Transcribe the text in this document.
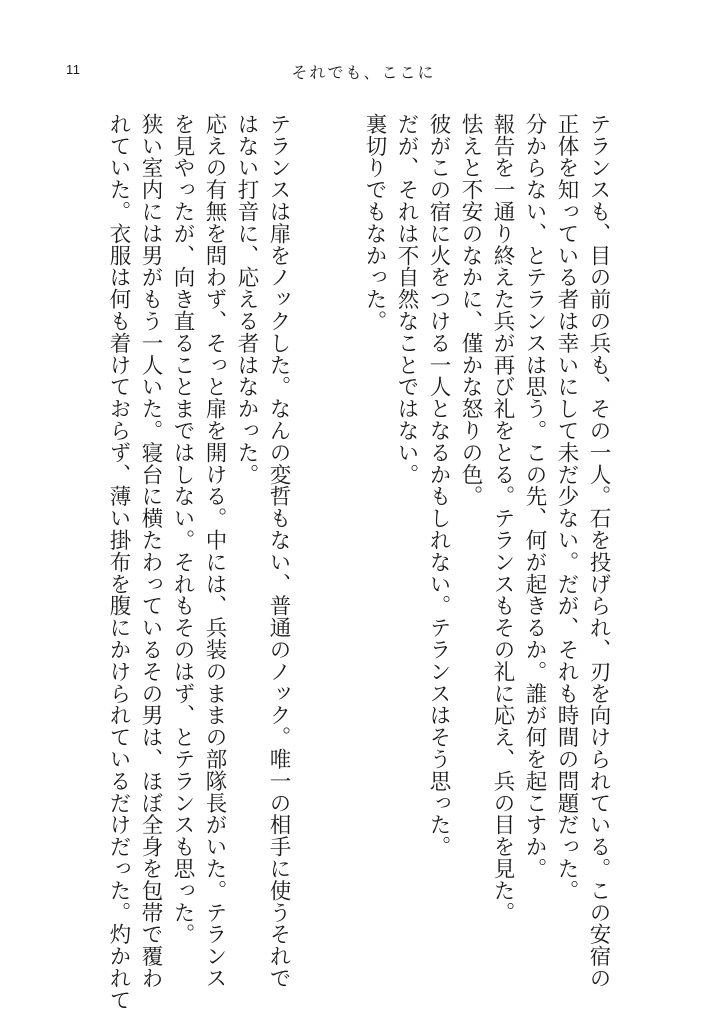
11	それでも、ここに
テランスも、目の前の兵も、その一人。石を投げられ、刃を向けられている。この安宿の
正体を知っている者は幸いにして未だ少ない。だが、それも時間の問題だった。
分からない、とテランスは思う。この先、何が起きるか。誰が何を起こすか。
報告を一通り終えた兵が再び礼をとる。テランスもその礼に応え、兵の目を見た。
怯えと不安のなかに、僅かな怒りの色。
彼がこの宿に火をつける一人となるかもしれない。テランスはそう思った。
だが、それは不自然なことではない。
裏切りでもなかった。

テランスは扉をノックした。なんの変哲もない、普通のノック。唯一の相手に使うそれで
はない打音に、応える者はなかった。
応えの有無を問わず、そっと扉を開ける。中には、兵装のままの部隊長がいた。テランス
を見やったが、向き直ることまではしない。それもそのはず、とテランスも思った。
狭い室内には男がもう一人いた。寝台に横たわっているその男は、ほぼ全身を包帯で覆わ
れていた。衣服は何も着けておらず、薄い掛布を腹にかけられているだけだった。灼かれて
